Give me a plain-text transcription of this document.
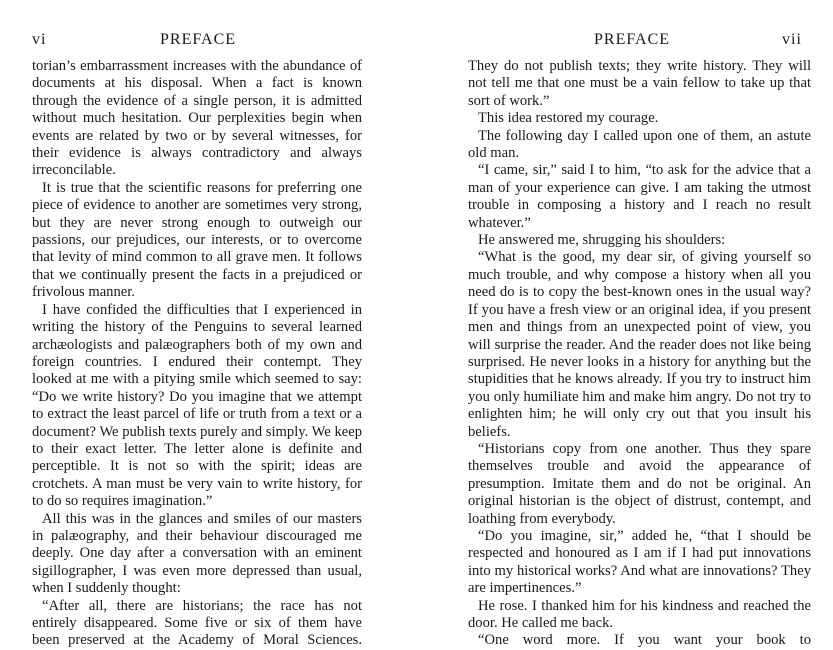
vi	PREFACE

torian’s embarrassment increases with the abundance of documents at his disposal. When a fact is known through the evidence of a single person, it is admitted without much hesitation. Our perplexities begin when events are related by two or by several witnesses, for their evidence is always contradictory and always irreconcilable.

It is true that the scientific reasons for preferring one piece of evidence to another are sometimes very strong, but they are never strong enough to outweigh our passions, our prejudices, our interests, or to overcome that levity of mind common to all grave men. It follows that we continually present the facts in a prejudiced or frivolous manner.

I have confided the difficulties that I experienced in writing the history of the Penguins to several learned archæologists and palæographers both of my own and foreign countries. I endured their contempt. They looked at me with a pitying smile which seemed to say: “Do we write history? Do you imagine that we attempt to extract the least parcel of life or truth from a text or a document? We publish texts purely and simply. We keep to their exact letter. The letter alone is definite and perceptible. It is not so with the spirit; ideas are crotchets. A man must be very vain to write history, for to do so requires imagination.”

All this was in the glances and smiles of our masters in palæography, and their behaviour discouraged me deeply. One day after a conversation with an eminent sigillographer, I was even more depressed than usual, when I suddenly thought:

“After all, there are historians; the race has not entirely disappeared. Some five or six of them have been preserved at the Academy of Moral Sciences.

PREFACE	vii

They do not publish texts; they write history. They will not tell me that one must be a vain fellow to take up that sort of work.”

This idea restored my courage.

The following day I called upon one of them, an astute old man.

“I came, sir,” said I to him, “to ask for the advice that a man of your experience can give. I am taking the utmost trouble in composing a history and I reach no result whatever.”

He answered me, shrugging his shoulders:

“What is the good, my dear sir, of giving yourself so much trouble, and why compose a history when all you need do is to copy the best-known ones in the usual way? If you have a fresh view or an original idea, if you present men and things from an unexpected point of view, you will surprise the reader. And the reader does not like being surprised. He never looks in a history for anything but the stupidities that he knows already. If you try to instruct him you only humiliate him and make him angry. Do not try to enlighten him; he will only cry out that you insult his beliefs.

“Historians copy from one another. Thus they spare themselves trouble and avoid the appearance of presumption. Imitate them and do not be original. An original historian is the object of distrust, contempt, and loathing from everybody.

“Do you imagine, sir,” added he, “that I should be respected and honoured as I am if I had put innovations into my historical works? And what are innovations? They are impertinences.”

He rose. I thanked him for his kindness and reached the door. He called me back.

“One word more. If you want your book to
